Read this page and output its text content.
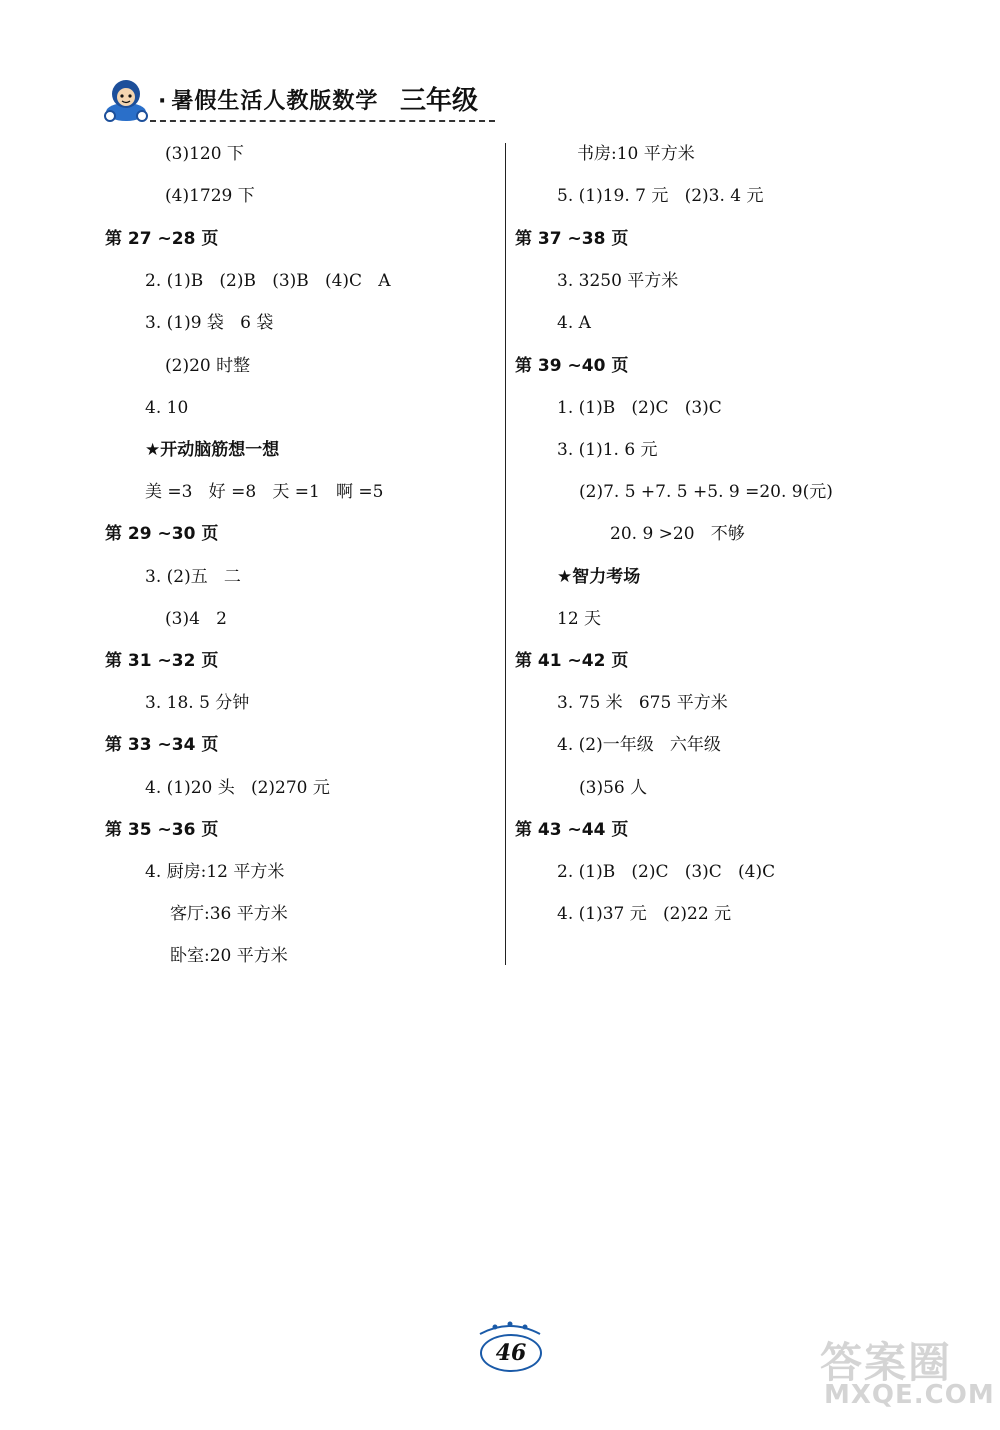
· 暑假生活人教版数学 三年级
(3)120 下
(4)1729 下
第 27 ~28 页
2. (1)B   (2)B   (3)B   (4)C   A
3. (1)9 袋   6 袋
(2)20 时整
4. 10
★开动脑筋想一想
美 =3   好 =8   天 =1   啊 =5
第 29 ~30 页
3. (2)五   二
(3)4   2
第 31 ~32 页
3. 18. 5 分钟
第 33 ~34 页
4. (1)20 头   (2)270 元
第 35 ~36 页
4. 厨房:12 平方米
客厅:36 平方米
卧室:20 平方米
书房:10 平方米
5. (1)19. 7 元   (2)3. 4 元
第 37 ~38 页
3. 3250 平方米
4. A
第 39 ~40 页
1. (1)B   (2)C   (3)C
3. (1)1. 6 元
(2)7. 5 +7. 5 +5. 9 =20. 9(元)
20. 9 >20   不够
★智力考场
12 天
第 41 ~42 页
3. 75 米   675 平方米
4. (2)一年级   六年级
(3)56 人
第 43 ~44 页
2. (1)B   (2)C   (3)C   (4)C
4. (1)37 元   (2)22 元
46	答案圈
MXQE.COM
